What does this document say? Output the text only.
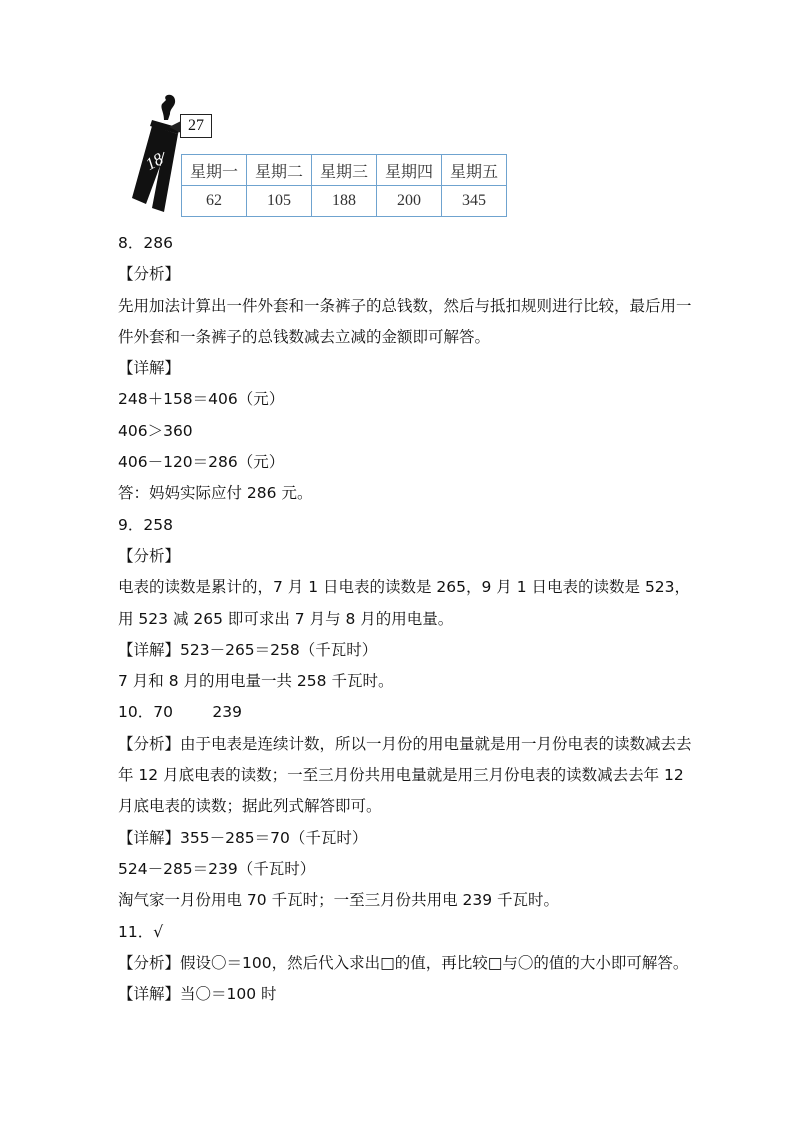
27
18 星期一	星期二	星期三	星期四	星期五
62	105	188	200	345
8．286
【分析】
先用加法计算出一件外套和一条裤子的总钱数，然后与抵扣规则进行比较，最后用一件外套和一条裤子的总钱数减去立减的金额即可解答。
【详解】
248＋158＝406（元）
406＞360
406－120＝286（元）
答：妈妈实际应付 286 元。
9．258
【分析】
电表的读数是累计的，7 月 1 日电表的读数是 265，9 月 1 日电表的读数是 523，用 523 减 265 即可求出 7 月与 8 月的用电量。
【详解】523－265＝258（千瓦时）
7 月和 8 月的用电量一共 258 千瓦时。
10．70        239
【分析】由于电表是连续计数，所以一月份的用电量就是用一月份电表的读数减去去年 12 月底电表的读数；一至三月份共用电量就是用三月份电表的读数减去去年 12 月底电表的读数；据此列式解答即可。
【详解】355－285＝70（千瓦时）
524－285＝239（千瓦时）
淘气家一月份用电 70 千瓦时；一至三月份共用电 239 千瓦时。
11．√
【分析】假设〇＝100，然后代入求出□的值，再比较□与〇的值的大小即可解答。
【详解】当〇＝100 时
